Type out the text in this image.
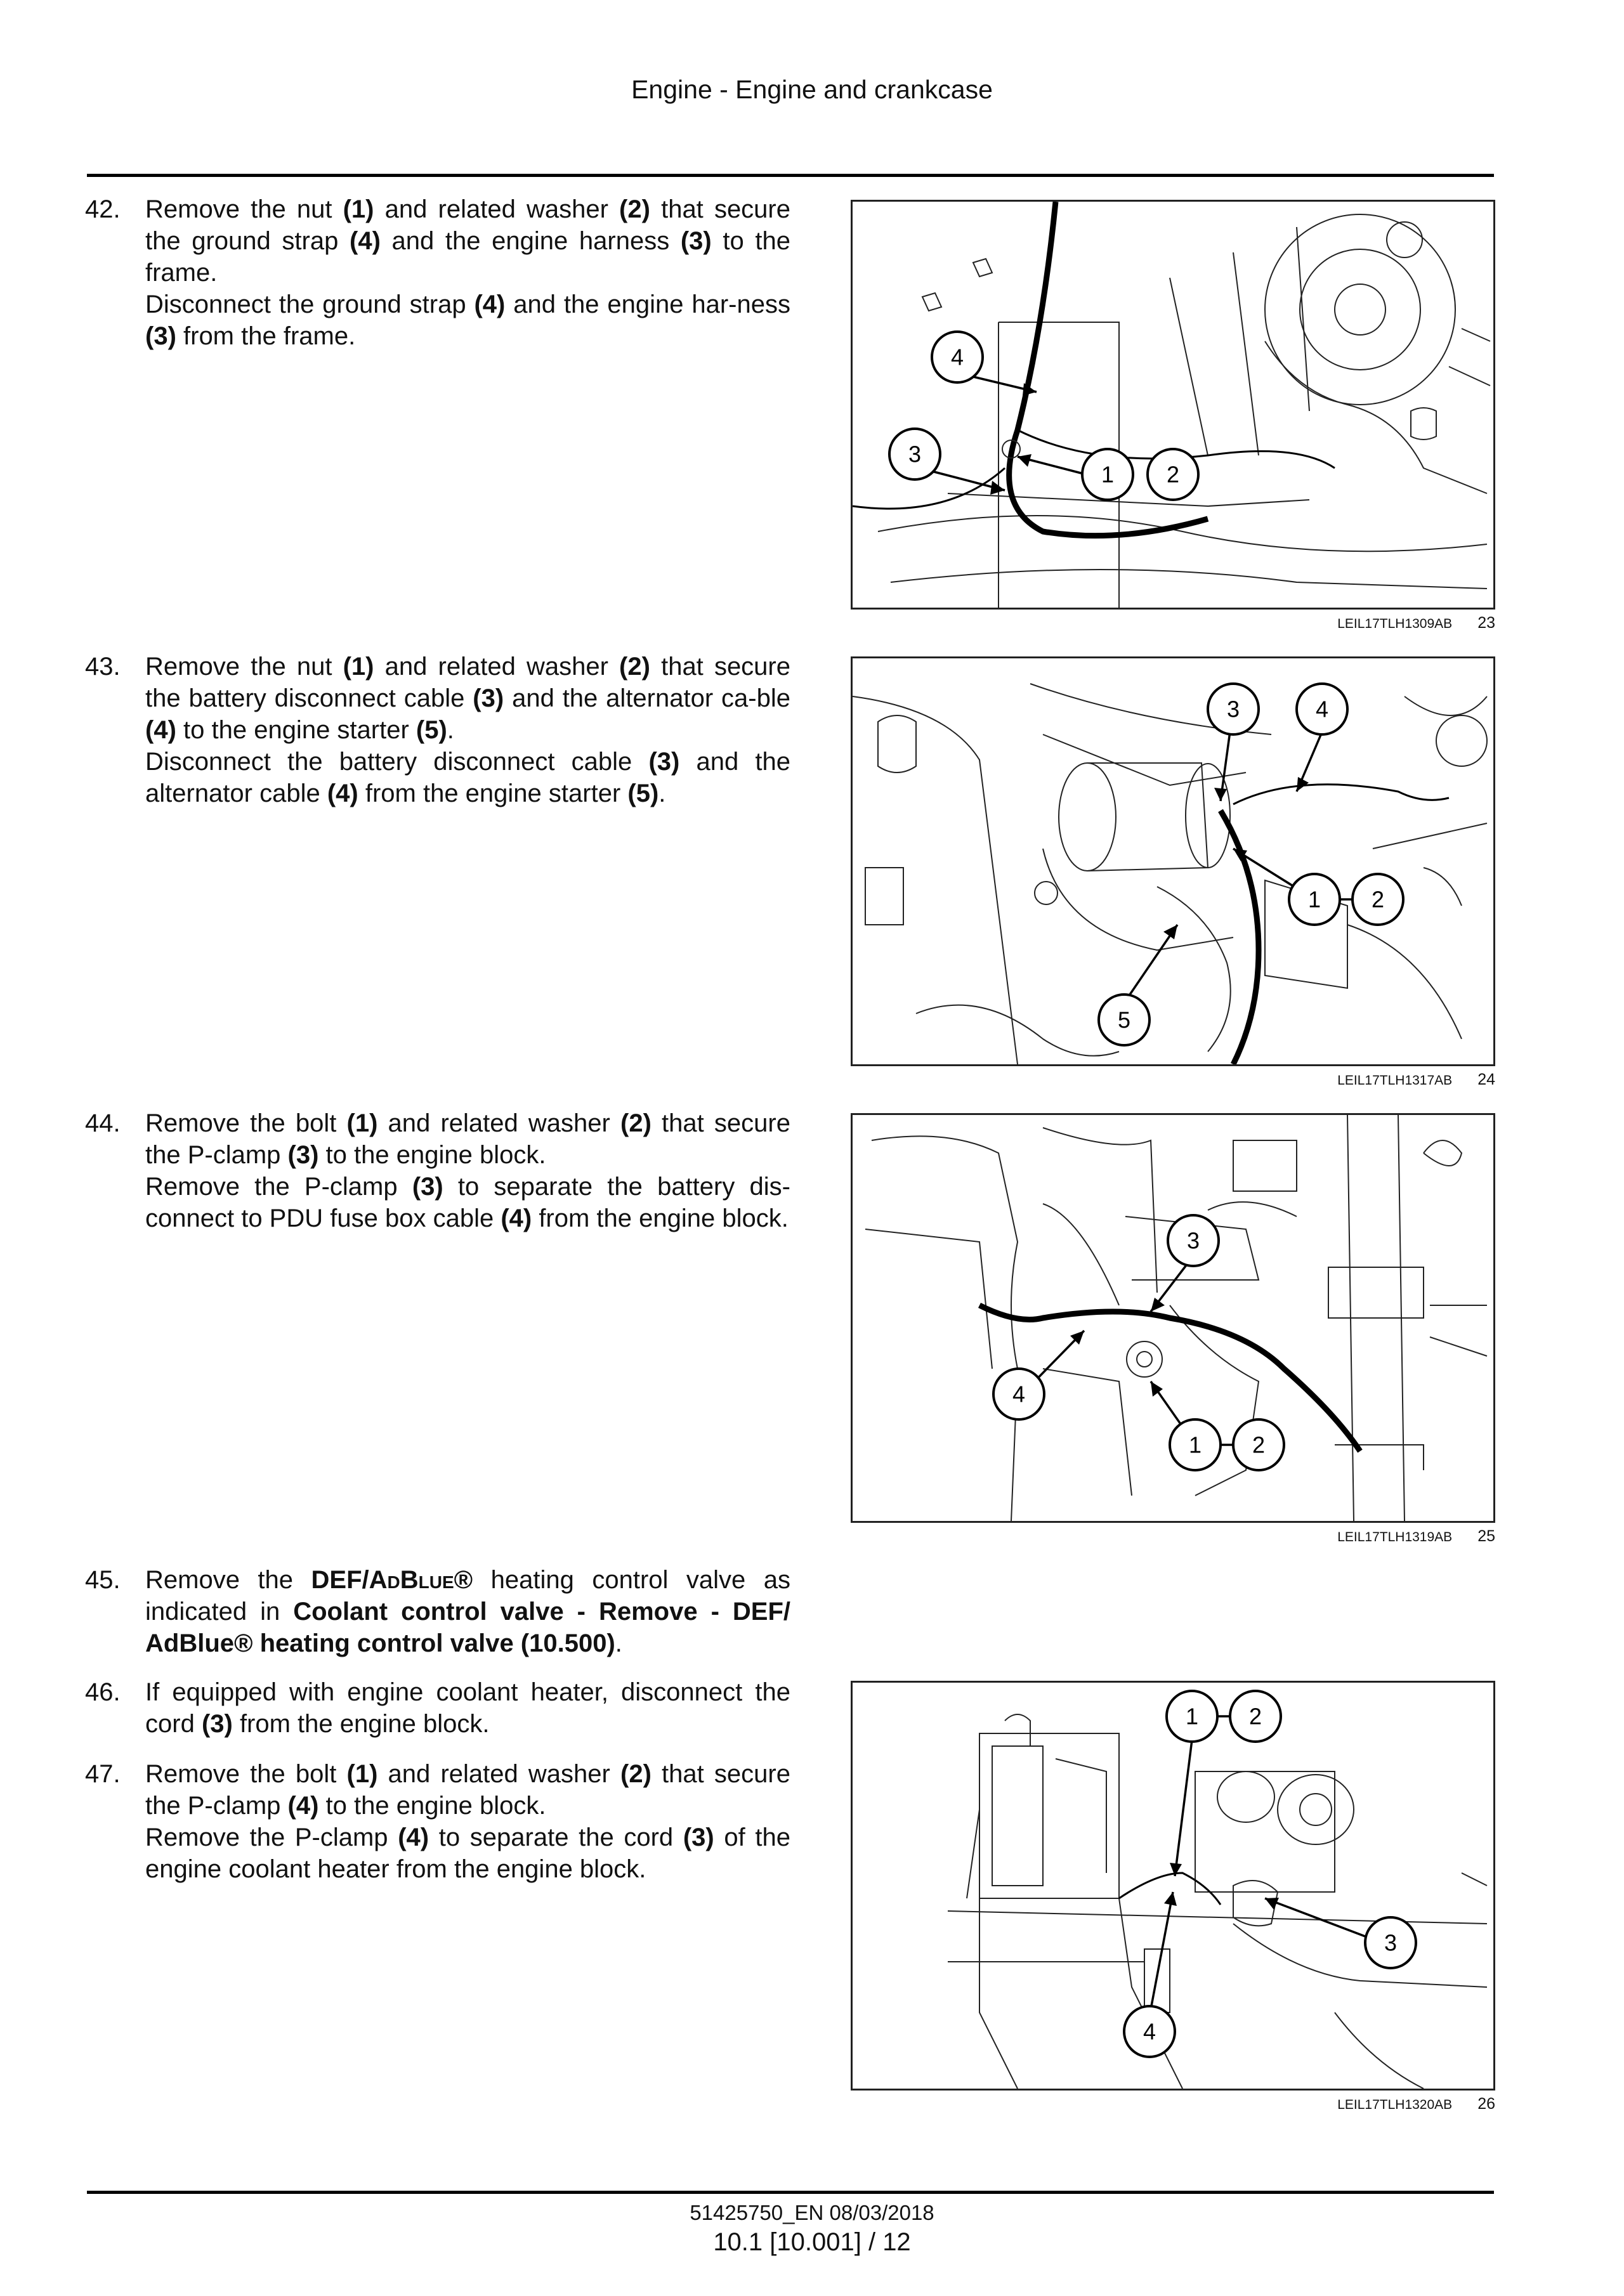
Engine - Engine and crankcase
42. Remove the nut (1) and related washer (2) that secure the ground strap (4) and the engine harness (3) to the frame.

Disconnect the ground strap (4) and the engine har-ness (3) from the frame.

43. Remove the nut (1) and related washer (2) that secure the battery disconnect cable (3) and the alternator ca-ble (4) to the engine starter (5).

Disconnect the battery disconnect cable (3) and the alternator cable (4) from the engine starter (5).

44. Remove the bolt (1) and related washer (2) that secure the P-clamp (3) to the engine block.

Remove the P-clamp (3) to separate the battery dis-connect to PDU fuse box cable (4) from the engine block.

45. Remove the DEF/AdBlue® heating control valve as indicated in Coolant control valve - Remove - DEF/ AdBlue® heating control valve (10.500).

46. If equipped with engine coolant heater, disconnect the cord (3) from the engine block.

47. Remove the bolt (1) and related washer (2) that secure the P-clamp (4) to the engine block.

Remove the P-clamp (4) to separate the cord (3) of the engine coolant heater from the engine block.

4
3
1 2
LEIL17TLH1309AB 23
3	4
1 2
5
LEIL17TLH1317AB 24
3
4
1 2
LEIL17TLH1319AB 25
1 2
3
4
LEIL17TLH1320AB 26
51425750_EN 08/03/2018
10.1 [10.001] / 12
